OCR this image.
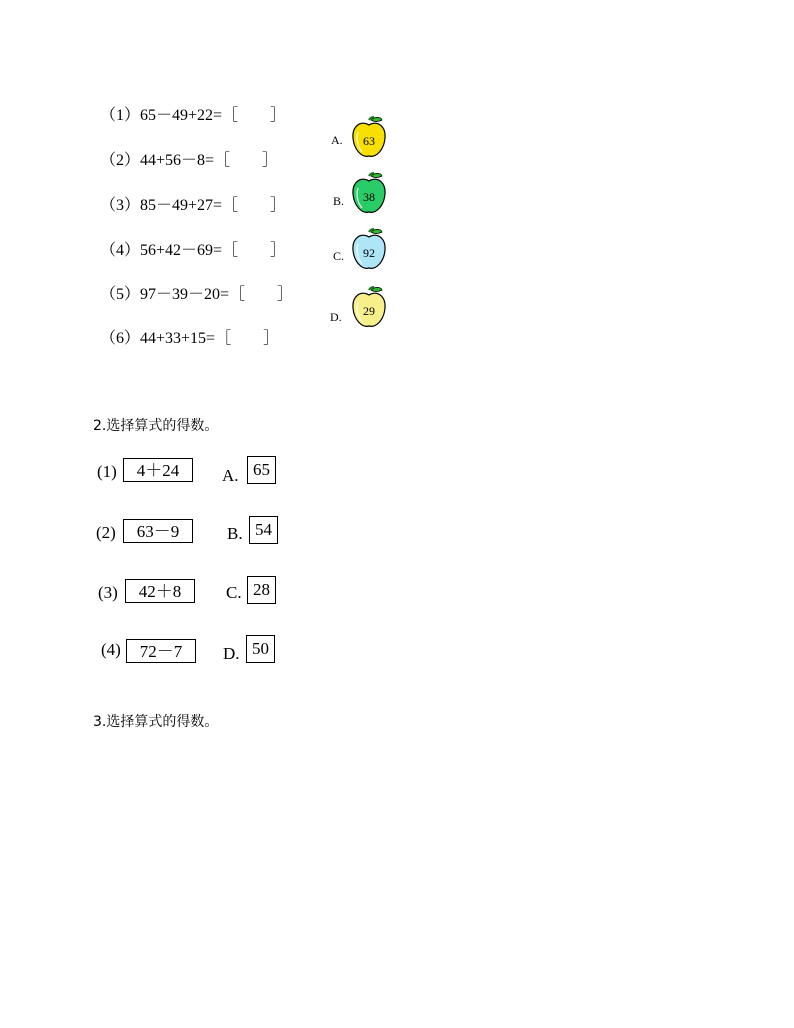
（1）65－49+22=［　　］
（2）44+56－8=［　　］
（3）85－49+27=［　　］
（4）56+42－69=［　　］
（5）97－39－20=［　　］
（6）44+33+15=［　　］
A. 63
B. 38
C. 92
D. 29
2.选择算式的得数。
(1)	4＋24
(2)	63－9
(3)	42＋8
(4)	72－7
A. 65
B. 54
C. 28
D. 50
3.选择算式的得数。
